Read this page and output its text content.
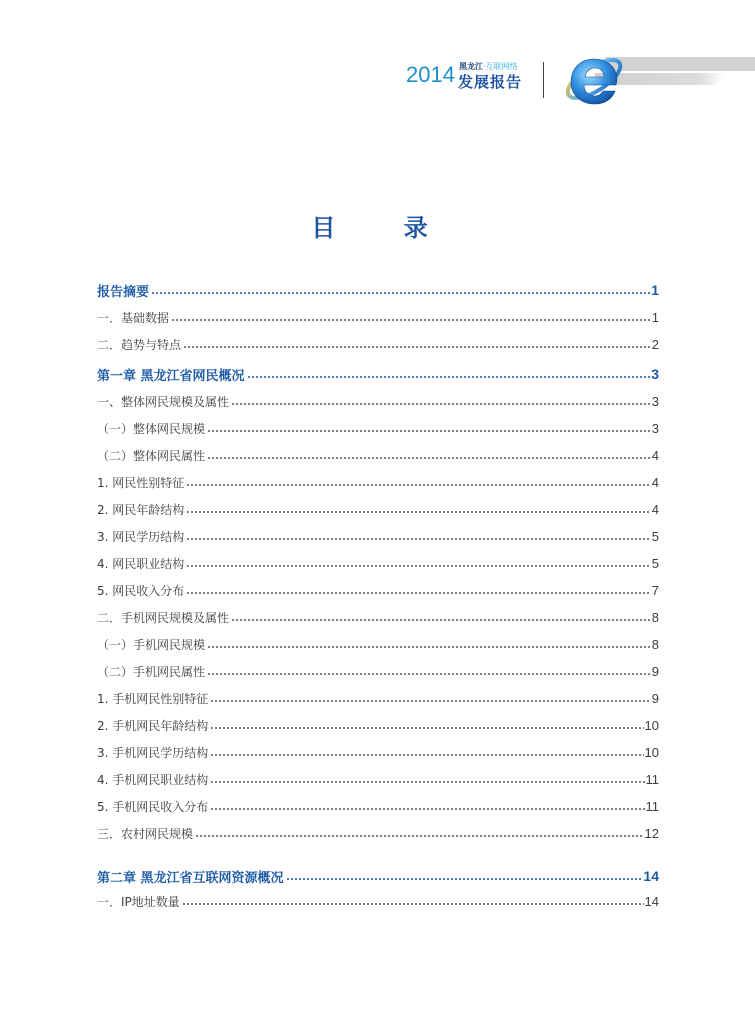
2014 黑龙江·互联网络
发展报告
目 录
报告摘要	1
一．基础数据	1
二．趋势与特点	2
第一章 黑龙江省网民概况	3
一、整体网民规模及属性	3
（一）整体网民规模	3
（二）整体网民属性	4
1. 网民性别特征	4
2. 网民年龄结构	4
3. 网民学历结构	5
4. 网民职业结构	5
5. 网民收入分布	7
二．手机网民规模及属性	8
（一）手机网民规模	8
（二）手机网民属性	9
1. 手机网民性别特征	9
2. 手机网民年龄结构	10
3. 手机网民学历结构	10
4. 手机网民职业结构	11
5. 手机网民收入分布	11
三．农村网民规模	12
第二章 黑龙江省互联网资源概况	14
一．IP地址数量	14
